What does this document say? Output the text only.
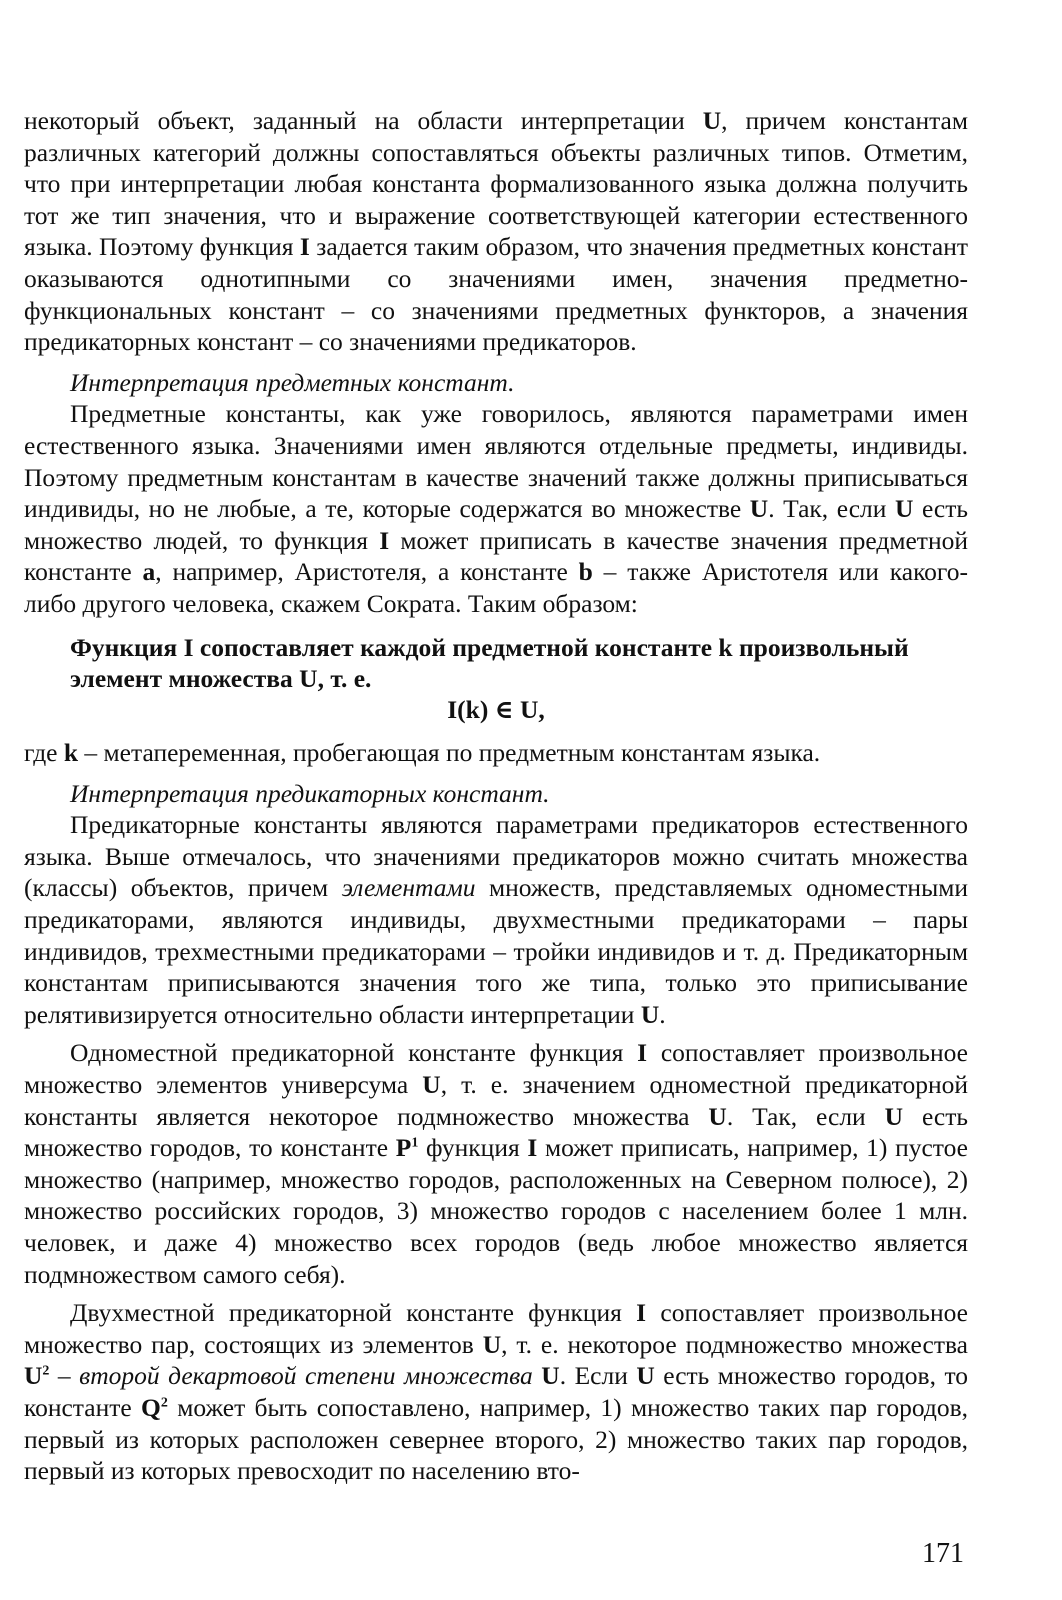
некоторый объект, заданный на области интерпретации U, причем константам различных категорий должны сопоставляться объекты различных типов. Отметим, что при интерпретации любая константа формализованного языка должна получить тот же тип значения, что и выражение соответствующей категории естественного языка. Поэтому функция I задается таким образом, что значения предметных констант оказываются однотипными со значениями имен, значения предметно-функциональных констант – со значениями предметных функторов, а значения предикаторных констант – со значениями предикаторов.

Интерпретация предметных констант.

Предметные константы, как уже говорилось, являются параметрами имен естественного языка. Значениями имен являются отдельные предметы, индивиды. Поэтому предметным константам в качестве значений также должны приписываться индивиды, но не любые, а те, которые содержатся во множестве U. Так, если U есть множество людей, то функция I может приписать в качестве значения предметной константе a, например, Аристотеля, а константе b – также Аристотеля или какого-либо другого человека, скажем Сократа. Таким образом:

Функция I сопоставляет каждой предметной константе k произвольный элемент множества U, т. е.

I(k) ∈ U,

где k – метапеременная, пробегающая по предметным константам языка.

Интерпретация предикаторных констант.

Предикаторные константы являются параметрами предикаторов естественного языка. Выше отмечалось, что значениями предикаторов можно считать множества (классы) объектов, причем элементами множеств, представляемых одноместными предикаторами, являются индивиды, двухместными предикаторами – пары индивидов, трехместными предикаторами – тройки индивидов и т. д. Предикаторным константам приписываются значения того же типа, только это приписывание релятивизируется относительно области интерпретации U.

Одноместной предикаторной константе функция I сопоставляет произвольное множество элементов универсума U, т. е. значением одноместной предикаторной константы является некоторое подмножество множества U. Так, если U есть множество городов, то константе $P^1$ функция I может приписать, например, 1) пустое множество (например, множество городов, расположенных на Северном полюсе), 2) множество российских городов, 3) множество городов с населением более 1 млн. человек, и даже 4) множество всех городов (ведь любое множество является подмножеством самого себя).

Двухместной предикаторной константе функция I сопоставляет произвольное множество пар, состоящих из элементов U, т. е. некоторое подмножество множества $U^2$ – второй декартовой степени множества U. Если U есть множество городов, то константе $Q^2$ может быть сопоставлено, например, 1) множество таких пар городов, первый из которых расположен севернее второго, 2) множество таких пар городов, первый из которых превосходит по населению вто-

171
